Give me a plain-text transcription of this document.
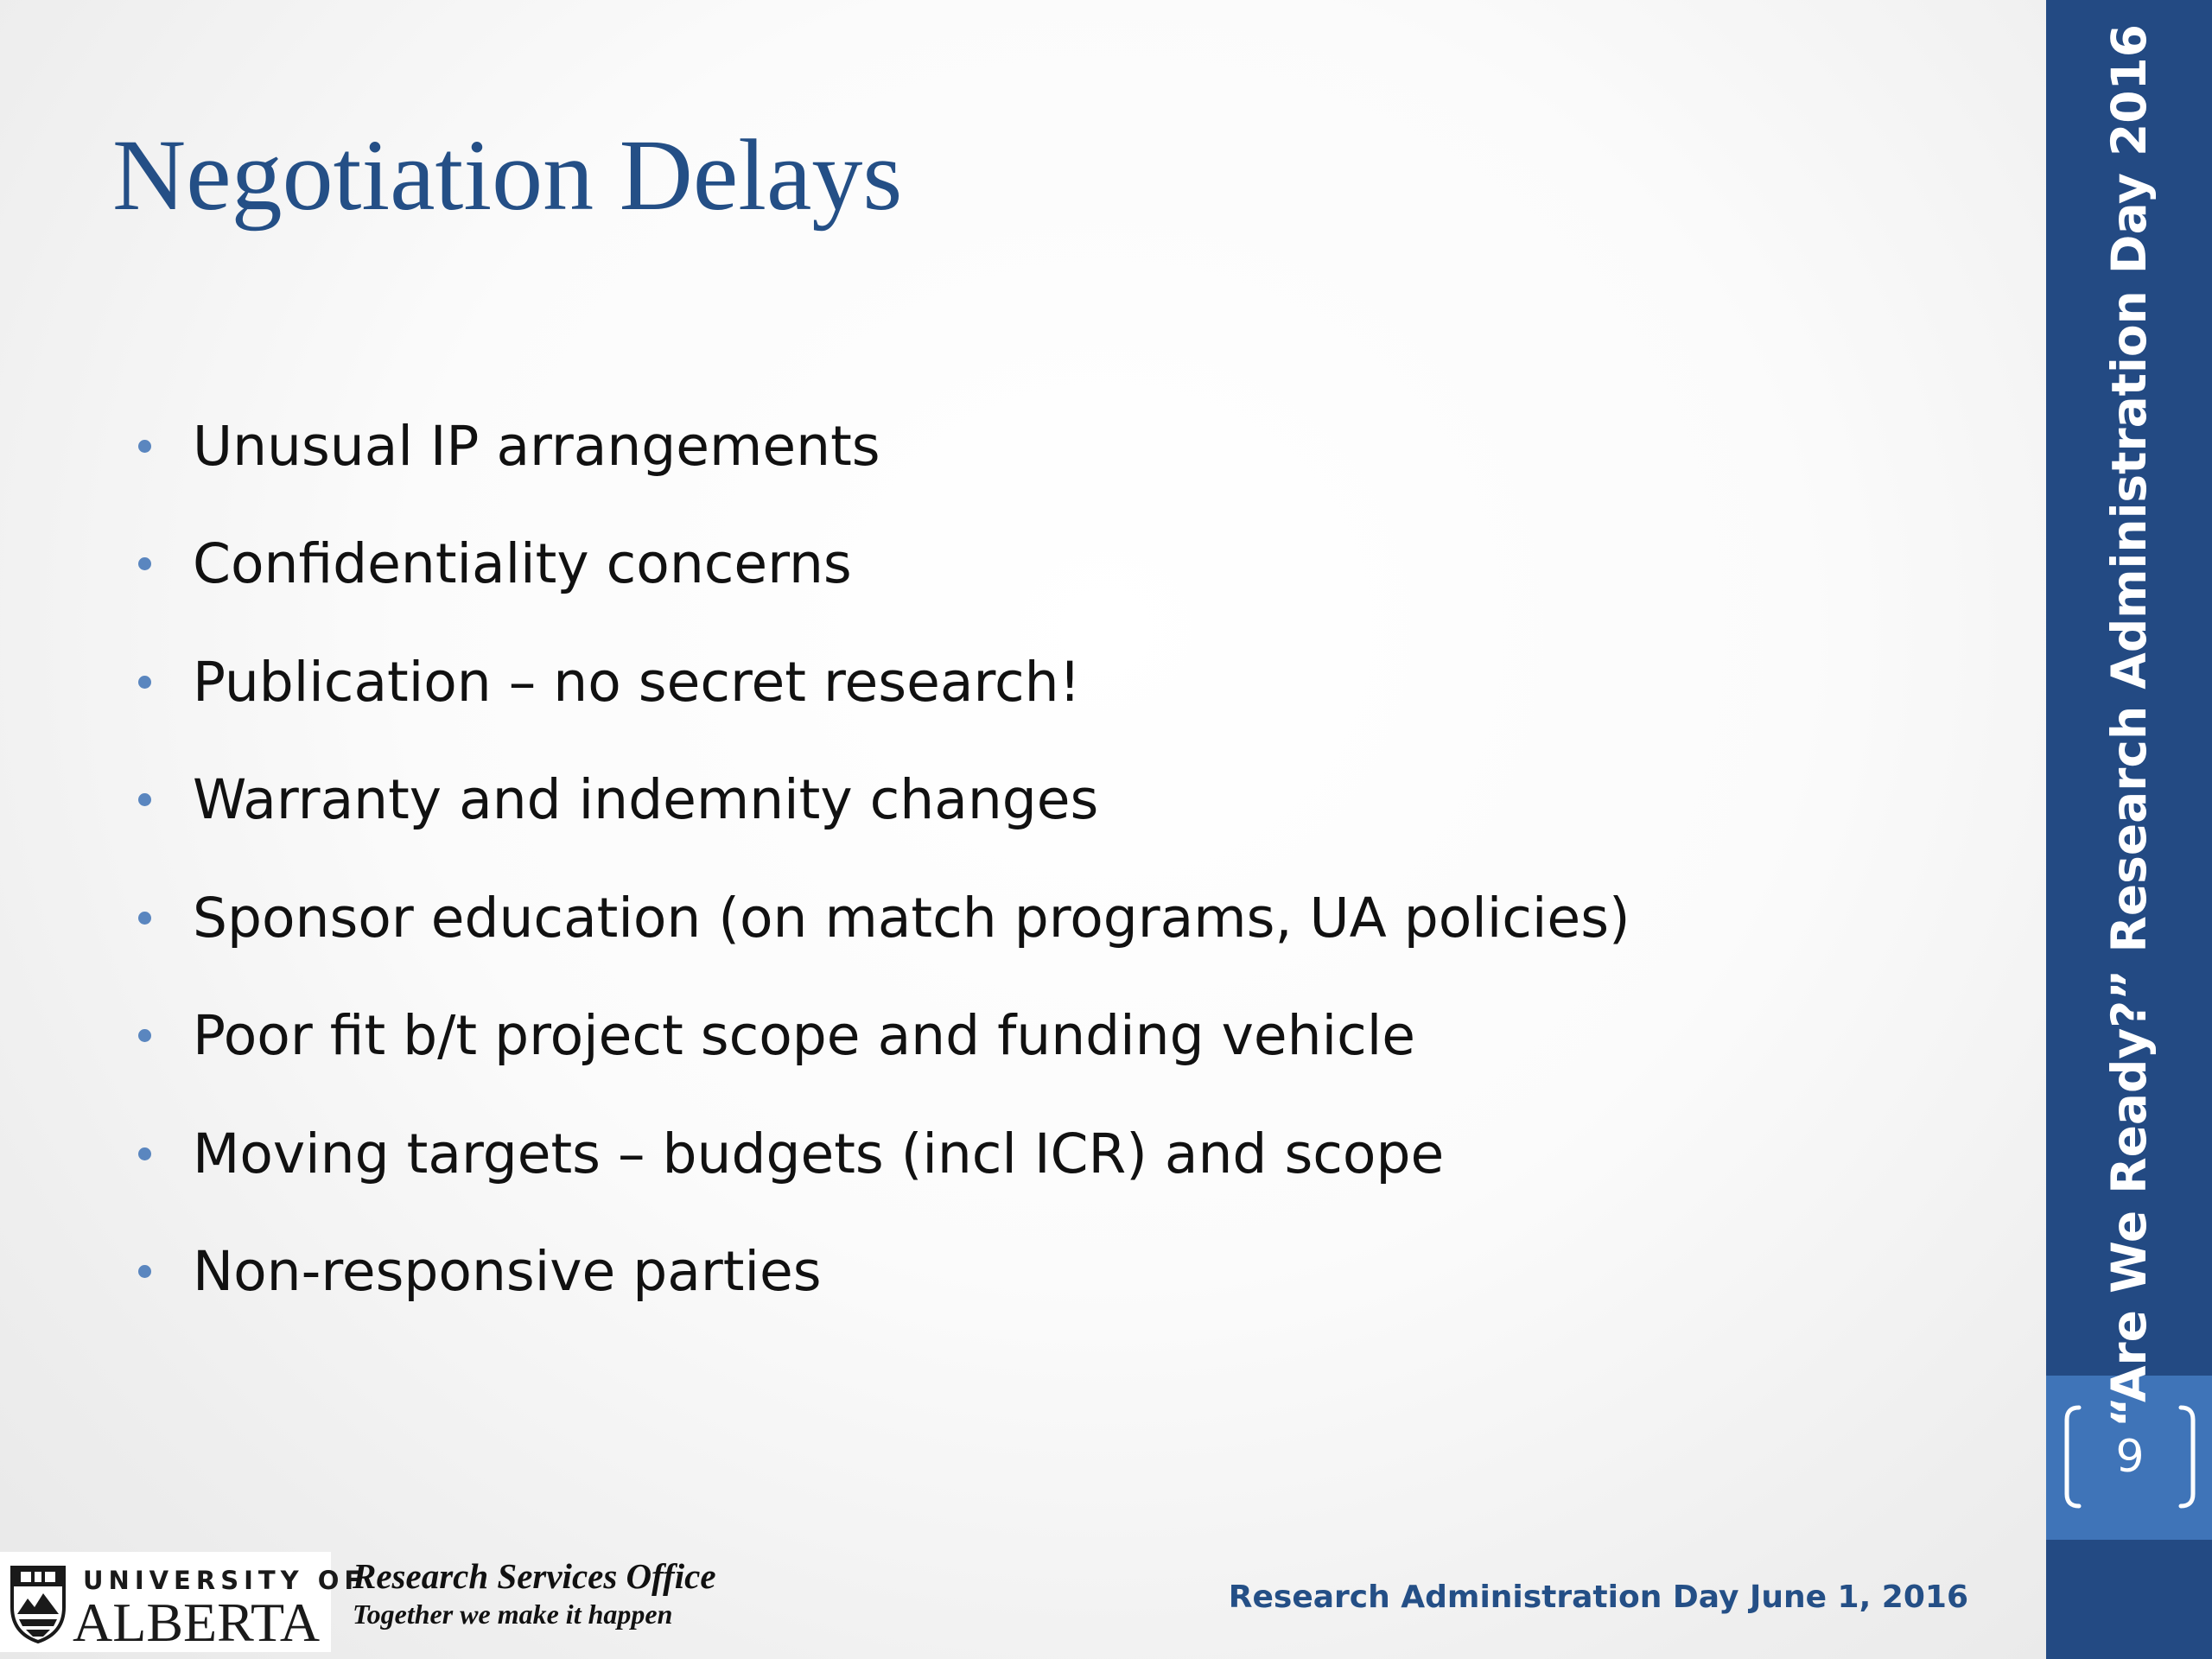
Negotiation Delays
Unusual IP arrangements
Confidentiality concerns
Publication – no secret research!
Warranty and indemnity changes
Sponsor education (on match programs, UA policies)
Poor fit b/t project scope and funding vehicle
Moving targets – budgets (incl ICR) and scope
Non-responsive parties	“Are We Ready?” Research Administration Day 2016
9
UNIVERSITY OF
ALBERTA
Research Services Office
Together we make it happen	Research Administration Day June 1, 2016
